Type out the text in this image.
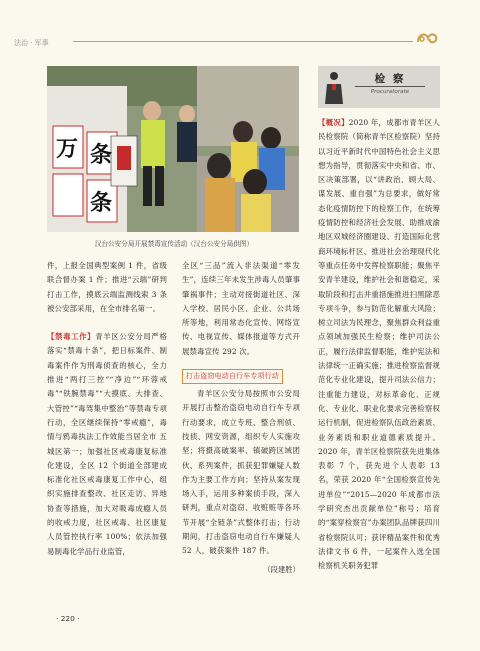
法治 · 军事
万 条
条
汉台公安分局开展禁毒宣传活动（汉台公安分局供图）
件，上报全国典型案例 1 件，省级联合督办案 1 件；推进“云端”研判打击工作，摸底云端监测线索 3 条被公安部采用，在全市排名第一。
【禁毒工作】青羊区公安分局严格落实“禁毒十条”，把日标案件、制毒案件作为刑毒侦查的核心，全力推进“两打三控”“净边”“环蓉戒毒”“铁腕禁毒”“大摸底、大排查、大管控”“毒驾集中整治”等禁毒专项行动，全区继续保持“零戒瘾”，毒情与鸦毒执法工作效能当居全市 五城区第一；加强社区戒毒康复标准化建设，全区 12 个街道全部建成标准化社区戒毒康复工作中心，组织实施排查整改、社区走访、异地协查等措施，加大对吸毒成瘾人员的收戒力度，社区戒毒、社区康复人员管控执行率 100%；依法加强易制毒化学品行业监管，
全区“三品”流入非法渠道“零发生”，连续三年未发生涉毒人员肇事肇祸事件；主动对接街道社区、深入学校、居民小区、企业、公共场所等地，利用常态化宣传、网络宣传、电视宣传、媒体报道等方式开展禁毒宣传 292 次。
打击盗窃电动自行车专项行动
青羊区公安分局按照市公安局开展打击整治盗窃电动自行车专项行动要求，成立专班、整合刑侦、技侦、网安资源，组织专人实施攻坚；将摄高破案率、镇破跨区域团伙、系列案件，抓获犯罪嫌疑人数作为主要工作方向；坚持从案发现场入手，运用多种案侦手段，深入研判，重点对盗窃、收赃赃等各环节开展“全链条”式整体打击；行动期间，打击盗窃电动自行车嫌疑人 52 人，破获案件 187 件。
（段建胜）
检 察
Procuratorate
【概况】2020 年，成都市青羊区人民检察院（简称青羊区检察院）坚持以习近平新时代中国特色社会主义思想为指导，贯彻落实中央和省、市、区决策部署，以“讲政治、顾大局、谋发展、重自强”为总要求，做好常态化疫情防控下的检察工作，在统筹疫情防控和经济社会发展、助推成渝地区双城经济圈建设、打造国际化营商环境标杆区、推进社会治理现代化等重点任务中发挥检察职能；聚焦平安青羊建设，维护社会和谐稳定，采取阶段和打击并重措施推进扫黑除恶专项斗争，参与防范化解重大风险；树立司法为民理念，聚焦群众利益重点领域加强民生检察；维护司法公正，履行法律监督职能，维护宪法和法律统一正确实施；推进检察监督规范化专业化建设，提升司法公信力；注重能力建设，对标革命化、正规化、专业化、职业化要求完善检察权运行机制，促进检察队伍政治素质、业务素质和职业道德素质提升。2020 年，青羊区检察院获先进集体表彰 7 个，获先进个人表彰 13 名，荣获 2020 年“全国检察宣传先进单位”“2015—2020 年成都市法学研究杰出贡献单位”称号；培育的“案穿检察官”办案团队品牌获四川省检察院认可；获评精品案件和优秀法律文书 6 件，一起案件入选全国检察机关职务犯罪
· 220 ·
